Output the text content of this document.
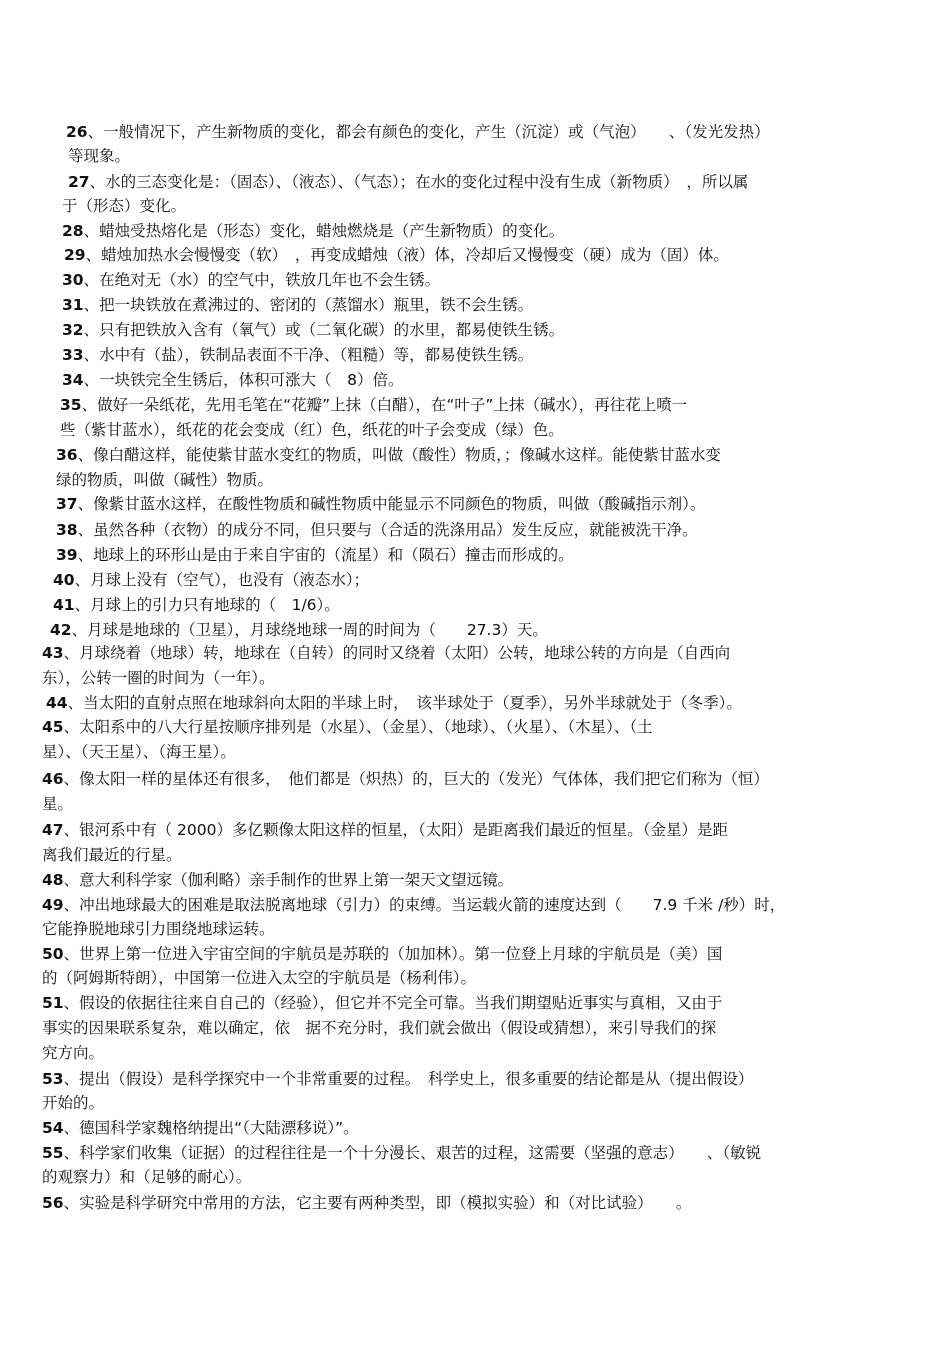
26、一般情况下，产生新物质的变化，都会有颜色的变化，产生（沉淀）或（气泡）　　、（发光发热）
等现象。
27、水的三态变化是：（固态）、（液态）、（气态）；在水的变化过程中没有生成（新物质）　，所以属
于（形态）变化。
28、蜡烛受热熔化是（形态）变化，蜡烛燃烧是（产生新物质）的变化。
29、蜡烛加热水会慢慢变（软）　，再变成蜡烛（液）体，冷却后又慢慢变（硬）成为（固）体。
30、在绝对无（水）的空气中，铁放几年也不会生锈。
31、把一块铁放在煮沸过的、密闭的（蒸馏水）瓶里，铁不会生锈。
32、只有把铁放入含有（氧气）或（二氧化碳）的水里，都易使铁生锈。
33、水中有（盐），铁制品表面不干净、（粗糙）等，都易使铁生锈。
34、一块铁完全生锈后，体积可涨大（　8）倍。
35、做好一朵纸花，先用毛笔在“花瓣”上抹（白醋），在“叶子”上抹（碱水），再往花上喷一
些（紫甘蓝水），纸花的花会变成（红）色，纸花的叶子会变成（绿）色。
36、像白醋这样，能使紫甘蓝水变红的物质，叫做（酸性）物质，；像碱水这样。能使紫甘蓝水变
绿的物质，叫做（碱性）物质。
37、像紫甘蓝水这样，在酸性物质和碱性物质中能显示不同颜色的物质，叫做（酸碱指示剂）。
38、虽然各种（衣物）的成分不同，但只要与（合适的洗涤用品）发生反应，就能被洗干净。
39、地球上的环形山是由于来自宇宙的（流星）和（陨石）撞击而形成的。
40、月球上没有（空气），也没有（液态水）；
41、月球上的引力只有地球的（　1/6）。
42、月球是地球的（卫星），月球绕地球一周的时间为（　　27.3）天。
43、月球绕着（地球）转，地球在（自转）的同时又绕着（太阳）公转，地球公转的方向是（自西向
东），公转一圈的时间为（一年）。
44、当太阳的直射点照在地球斜向太阳的半球上时，　该半球处于（夏季），另外半球就处于（冬季）。
45、太阳系中的八大行星按顺序排列是（水星）、（金星）、（地球）、（火星）、（木星）、（土
星）、（天王星）、（海王星）。
46、像太阳一样的星体还有很多，　他们都是（炽热）的，巨大的（发光）气体体，我们把它们称为（恒）
星。
47、银河系中有（ 2000）多亿颗像太阳这样的恒星，（太阳）是距离我们最近的恒星。（金星）是距
离我们最近的行星。
48、意大利科学家（伽利略）亲手制作的世界上第一架天文望远镜。
49、冲出地球最大的困难是取法脱离地球（引力）的束缚。当运载火箭的速度达到（　　7.9 千米 /秒）时，
它能挣脱地球引力围绕地球运转。
50、世界上第一位进入宇宙空间的宇航员是苏联的（加加林）。第一位登上月球的宇航员是（美）国
的（阿姆斯特朗），中国第一位进入太空的宇航员是（杨利伟）。
51、假设的依据往往来自自己的（经验），但它并不完全可靠。当我们期望贴近事实与真相，又由于
事实的因果联系复杂，难以确定，依　据不充分时，我们就会做出（假设或猜想），来引导我们的探
究方向。
53、提出（假设）是科学探究中一个非常重要的过程。　科学史上，很多重要的结论都是从（提出假设）
开始的。
54、德国科学家魏格纳提出“（大陆漂移说）”。
55、科学家们收集（证据）的过程往往是一个十分漫长、艰苦的过程，这需要（坚强的意志）　　、（敏锐
的观察力）和（足够的耐心）。
56、实验是科学研究中常用的方法，它主要有两种类型，即（模拟实验）和（对比试验）　　。
